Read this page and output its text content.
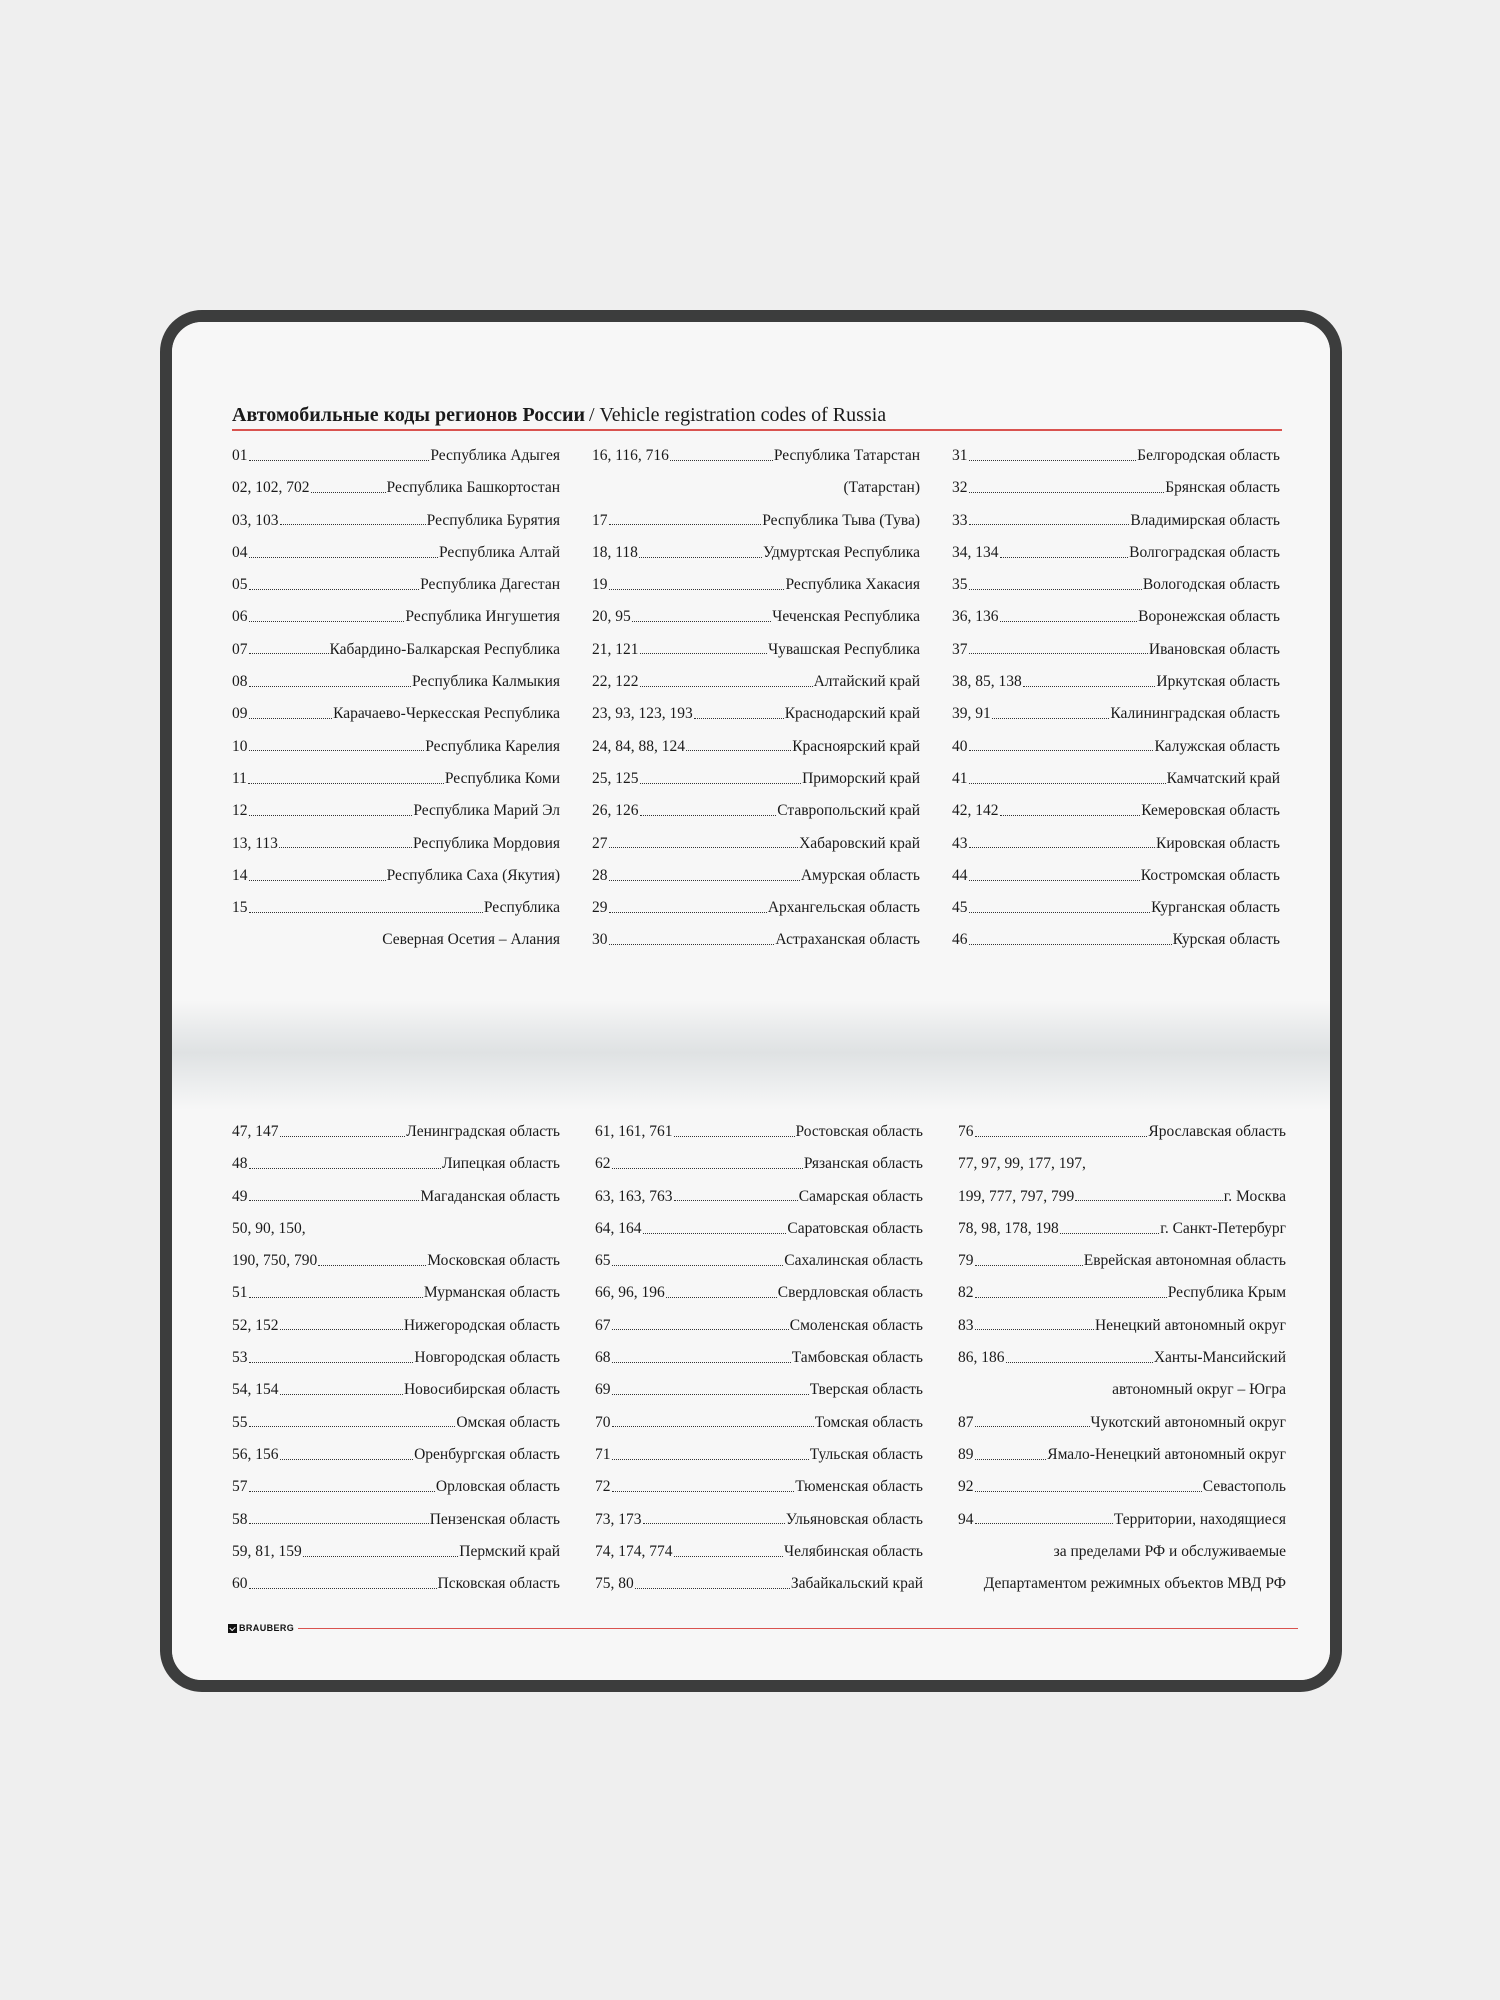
Автомобильные коды регионов России / Vehicle registration codes of Russia
01	Республика Адыгея
02, 102, 702	Республика Башкортостан
03, 103	Республика Бурятия
04	Республика Алтай
05	Республика Дагестан
06	Республика Ингушетия
07	Кабардино-Балкарская Республика
08	Республика Калмыкия
09	Карачаево-Черкесская Республика
10	Республика Карелия
11	Республика Коми
12	Республика Марий Эл
13, 113	Республика Мордовия
14	Республика Саха (Якутия)
15	Республика
Северная Осетия – Алания
16, 116, 716	Республика Татарстан
(Татарстан)
17	Республика Тыва (Тува)
18, 118	Удмуртская Республика
19	Республика Хакасия
20, 95	Чеченская Республика
21, 121	Чувашская Республика
22, 122	Алтайский край
23, 93, 123, 193	Краснодарский край
24, 84, 88, 124	Красноярский край
25, 125	Приморский край
26, 126	Ставропольский край
27	Хабаровский край
28	Амурская область
29	Архангельская область
30	Астраханская область
31	Белгородская область
32	Брянская область
33	Владимирская область
34, 134	Волгоградская область
35	Вологодская область
36, 136	Воронежская область
37	Ивановская область
38, 85, 138	Иркутская область
39, 91	Калининградская область
40	Калужская область
41	Камчатский край
42, 142	Кемеровская область
43	Кировская область
44	Костромская область
45	Курганская область
46	Курская область
47, 147	Ленинградская область
48	Липецкая область
49	Магаданская область
50, 90, 150,
190, 750, 790	Московская область
51	Мурманская область
52, 152	Нижегородская область
53	Новгородская область
54, 154	Новосибирская область
55	Омская область
56, 156	Оренбургская область
57	Орловская область
58	Пензенская область
59, 81, 159	Пермский край
60	Псковская область
61, 161, 761	Ростовская область
62	Рязанская область
63, 163, 763	Самарская область
64, 164	Саратовская область
65	Сахалинская область
66, 96, 196	Свердловская область
67	Смоленская область
68	Тамбовская область
69	Тверская область
70	Томская область
71	Тульская область
72	Тюменская область
73, 173	Ульяновская область
74, 174, 774	Челябинская область
75, 80	Забайкальский край
76	Ярославская область
77, 97, 99, 177, 197,
199, 777, 797, 799	г. Москва
78, 98, 178, 198	г. Санкт-Петербург
79	Еврейская автономная область
82	Республика Крым
83	Ненецкий автономный округ
86, 186	Ханты-Мансийский
автономный округ – Югра
87	Чукотский автономный округ
89	Ямало-Ненецкий автономный округ
92	Севастополь
94	Территории, находящиеся
за пределами РФ и обслуживаемые
Департаментом режимных объектов МВД РФ
BRAUBERG
